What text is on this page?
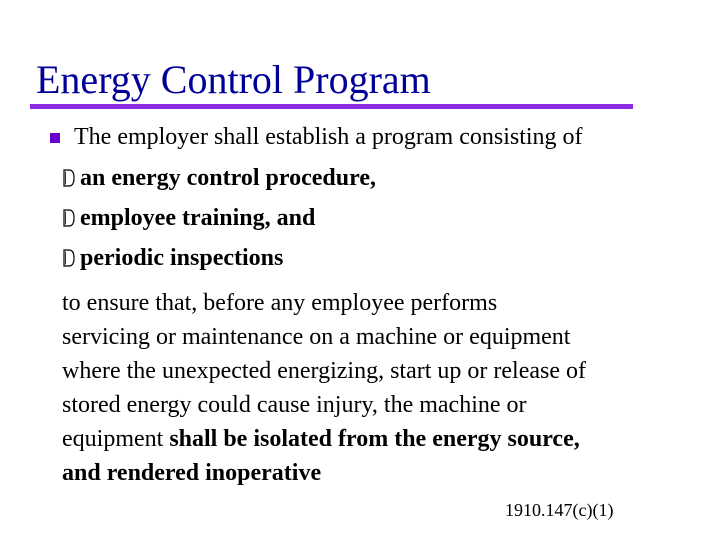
Energy Control Program
The employer shall establish a program consisting of
an energy control procedure,
employee training, and
periodic inspections
to ensure that, before any employee performs
servicing or maintenance on a machine or equipment
where the unexpected energizing, start up or release of
stored energy could cause injury, the machine or
equipment shall be isolated from the energy source,
and rendered inoperative
1910.147(c)(1)
